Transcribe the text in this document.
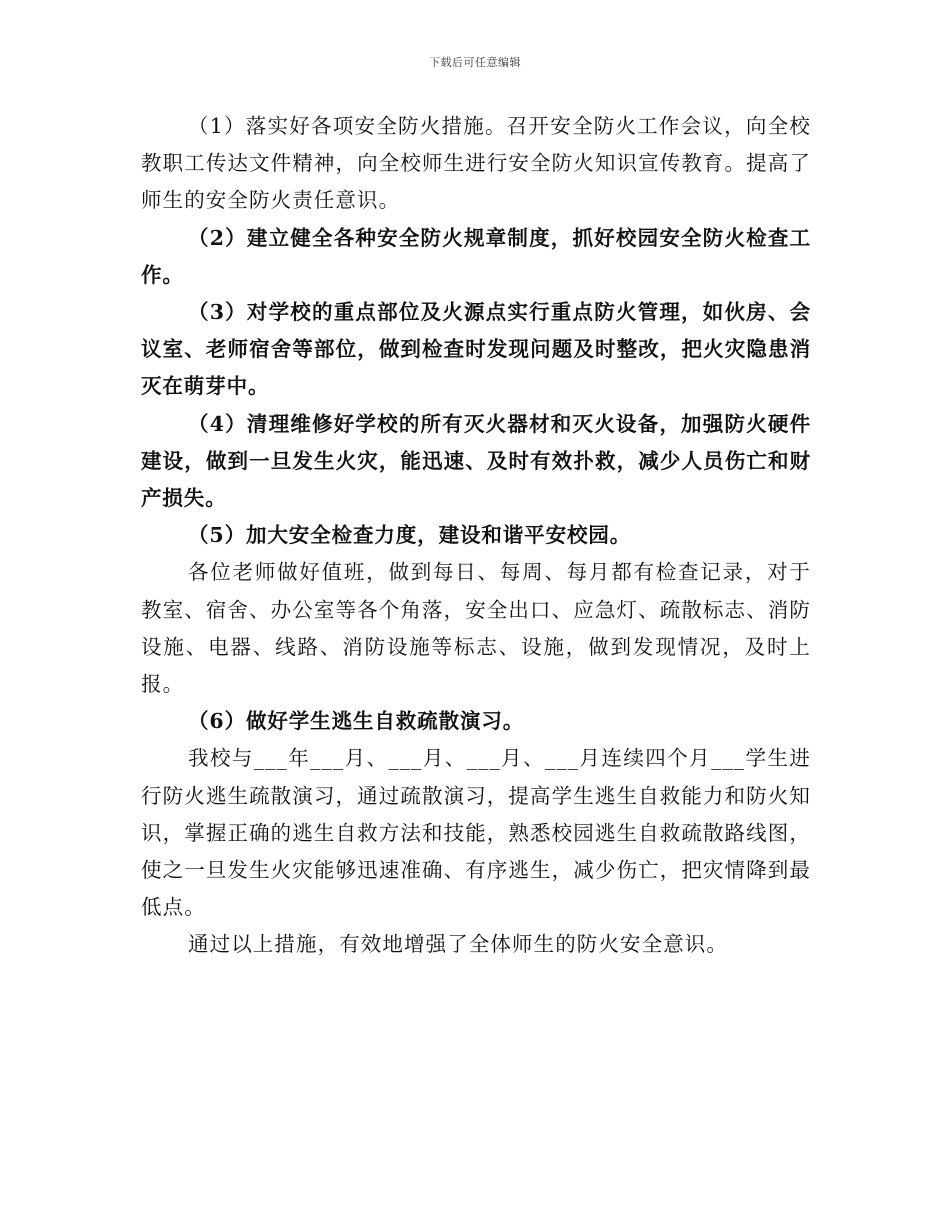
下载后可任意编辑

（1）落实好各项安全防火措施。召开安全防火工作会议，向全校教职工传达文件精神，向全校师生进行安全防火知识宣传教育。提高了师生的安全防火责任意识。

（2）建立健全各种安全防火规章制度，抓好校园安全防火检查工作。

（3）对学校的重点部位及火源点实行重点防火管理，如伙房、会议室、老师宿舍等部位，做到检查时发现问题及时整改，把火灾隐患消灭在萌芽中。

（4）清理维修好学校的所有灭火器材和灭火设备，加强防火硬件建设，做到一旦发生火灾，能迅速、及时有效扑救，减少人员伤亡和财产损失。

（5）加大安全检查力度，建设和谐平安校园。

各位老师做好值班，做到每日、每周、每月都有检查记录，对于教室、宿舍、办公室等各个角落，安全出口、应急灯、疏散标志、消防设施、电器、线路、消防设施等标志、设施，做到发现情况，及时上报。

（6）做好学生逃生自救疏散演习。

我校与___年___月、___月、___月、___月连续四个月___学生进行防火逃生疏散演习，通过疏散演习，提高学生逃生自救能力和防火知识，掌握正确的逃生自救方法和技能，熟悉校园逃生自救疏散路线图，使之一旦发生火灾能够迅速准确、有序逃生，减少伤亡，把灾情降到最低点。

通过以上措施，有效地增强了全体师生的防火安全意识。
